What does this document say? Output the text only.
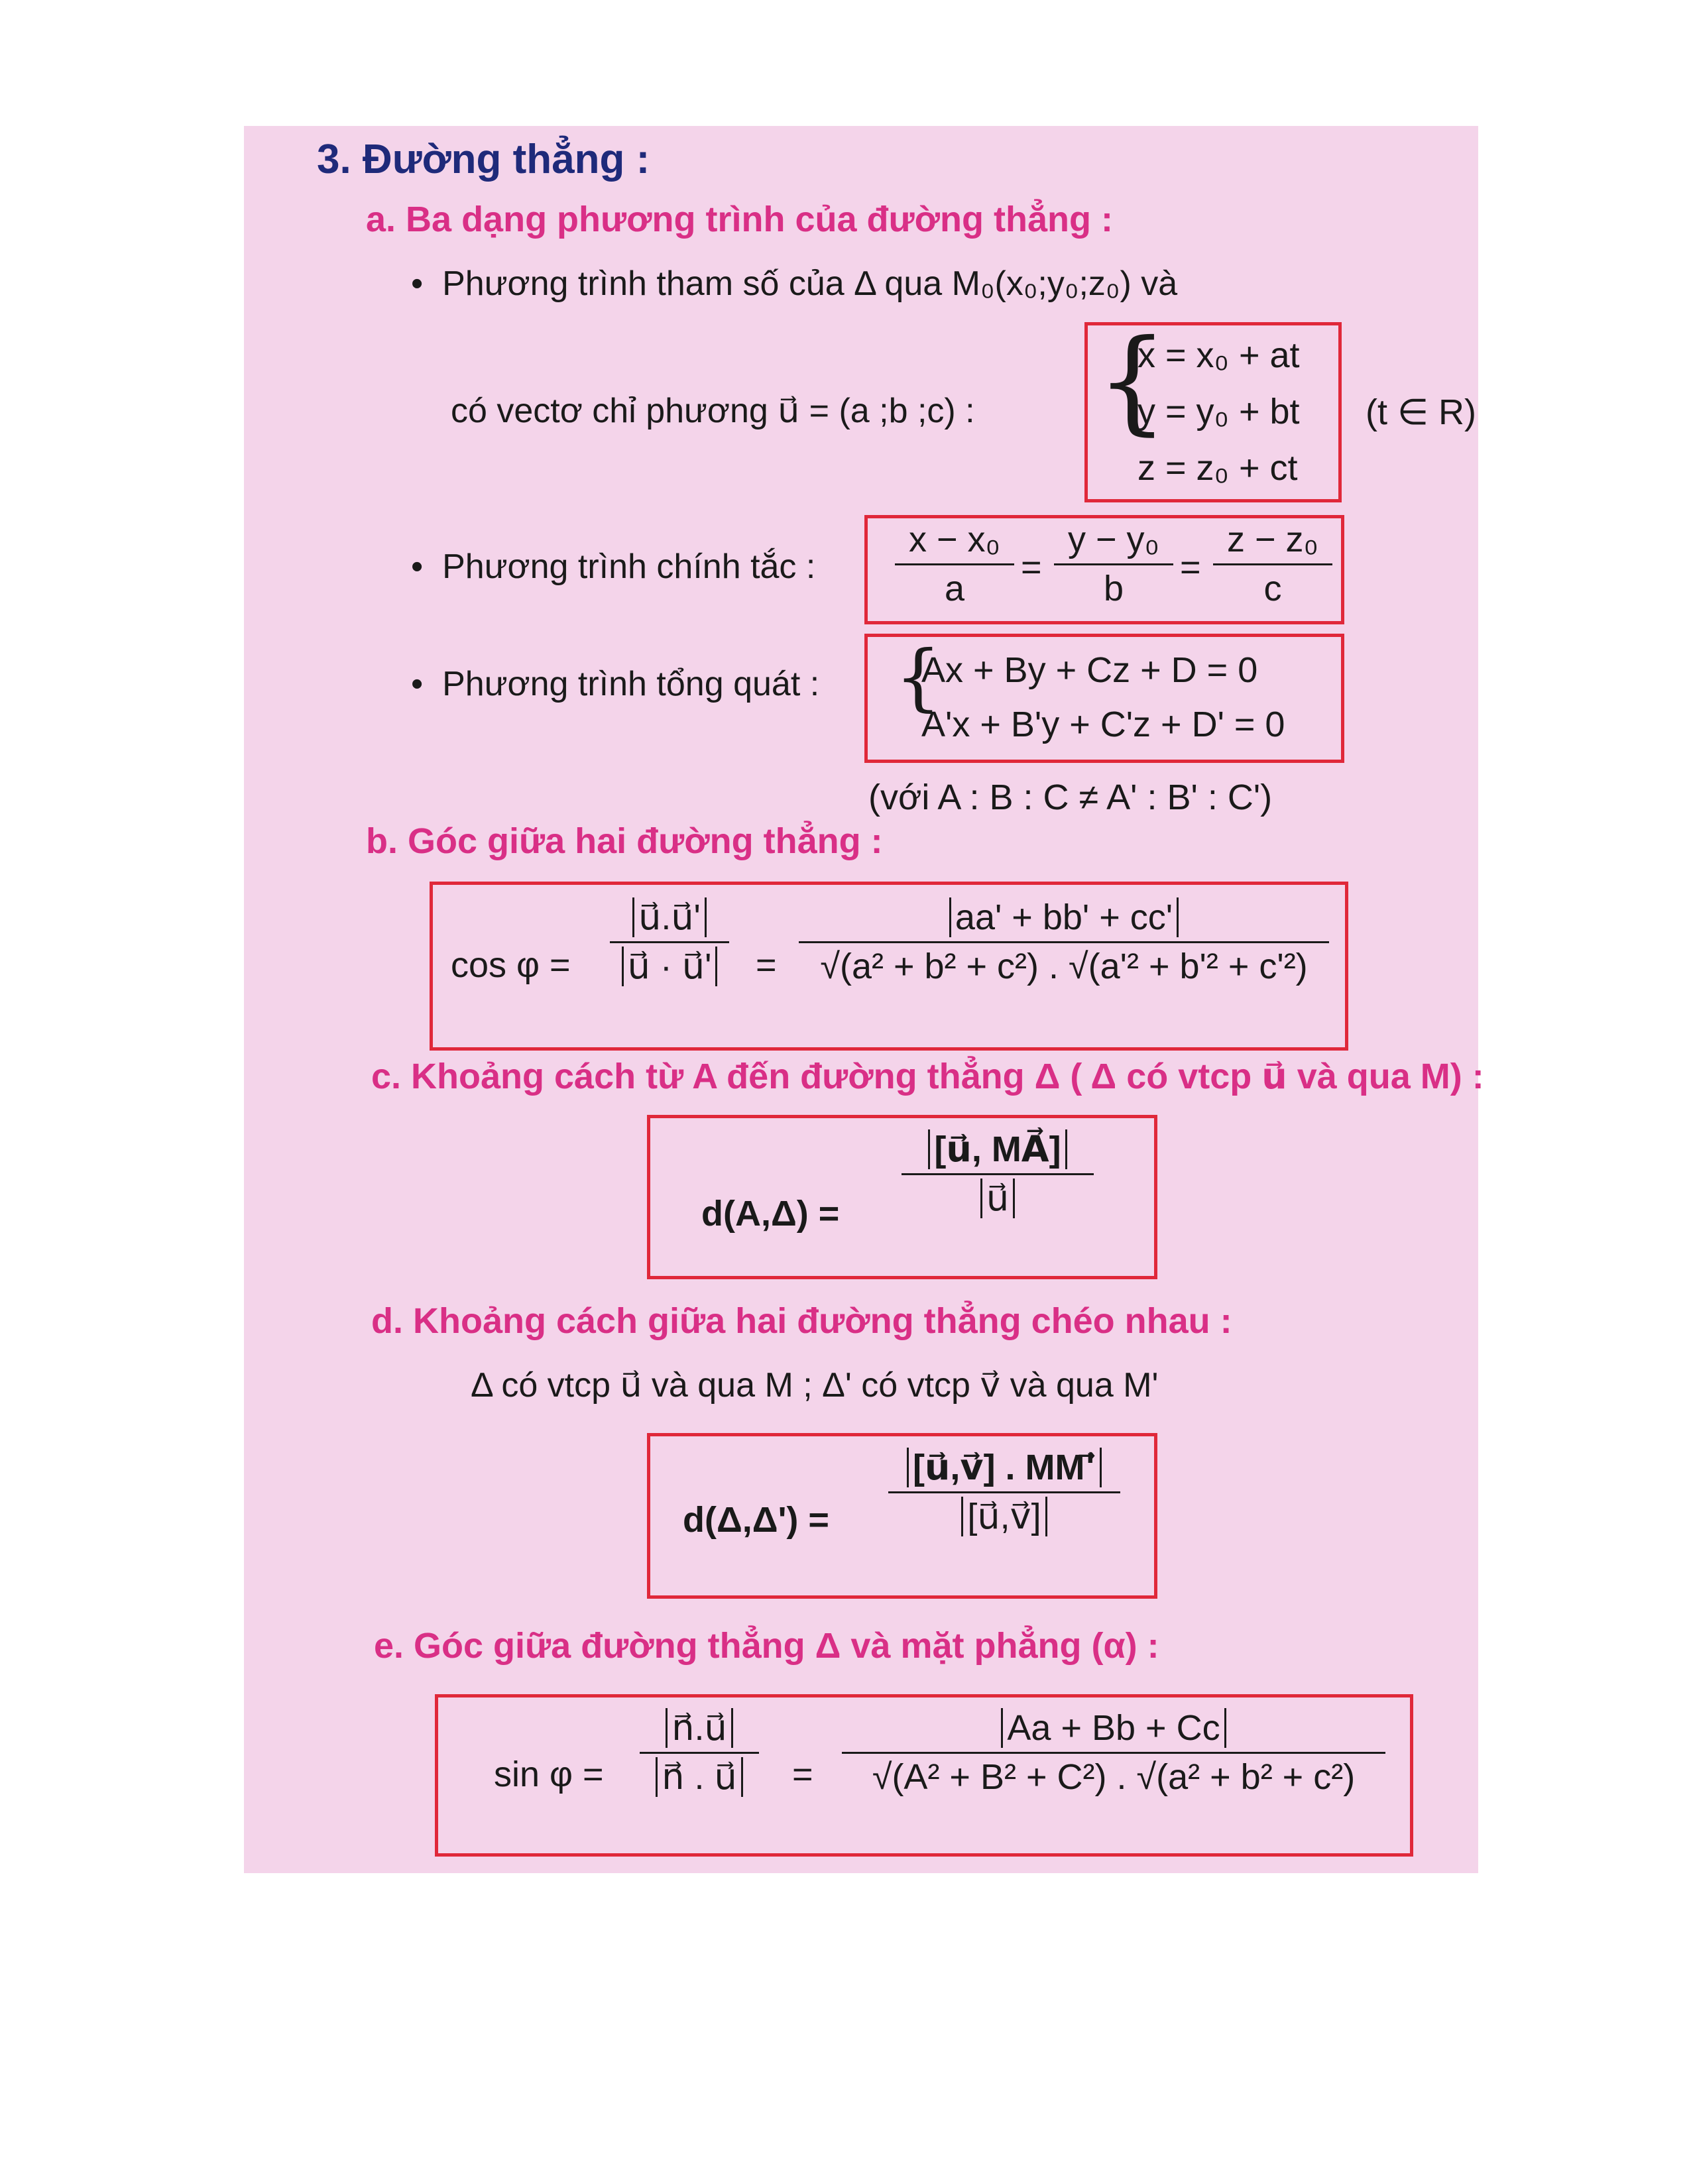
3. Đường thẳng :
a. Ba dạng phương trình của đường thẳng :
•  Phương trình tham số của Δ qua M₀(x₀;y₀;z₀) và
có vectơ chỉ phương u⃗ = (a ;b ;c) : {
x = x₀ + at
y = y₀ + bt
z = z₀ + ct
(t ∈ R)
•  Phương trình chính tắc :
x − x₀
a
=
y − y₀
b
=
z − z₀
c
•  Phương trình tổng quát : {
Ax + By + Cz + D = 0
A'x + B'y + C'z + D' = 0
(với A : B : C ≠ A' : B' : C')
b. Góc giữa hai đường thẳng :
cos φ =
u⃗.u⃗'
u⃗ · u⃗' =
aa' + bb' + cc'
√(a² + b² + c²) . √(a'² + b'² + c'²)
c. Khoảng cách từ A đến đường thẳng Δ ( Δ có vtcp u⃗ và qua M) :
d(A,Δ) =
[u⃗, MA⃗]
u⃗
d. Khoảng cách giữa hai đường thẳng chéo nhau :
Δ có vtcp u⃗ và qua M ; Δ' có vtcp v⃗ và qua M'
d(Δ,Δ') =
[u⃗,v⃗] . MM'⃗
[u⃗,v⃗]
e. Góc giữa đường thẳng Δ và mặt phẳng (α) :
sin φ =
n⃗.u⃗
n⃗ . u⃗ =
Aa + Bb + Cc
√(A² + B² + C²) . √(a² + b² + c²)
